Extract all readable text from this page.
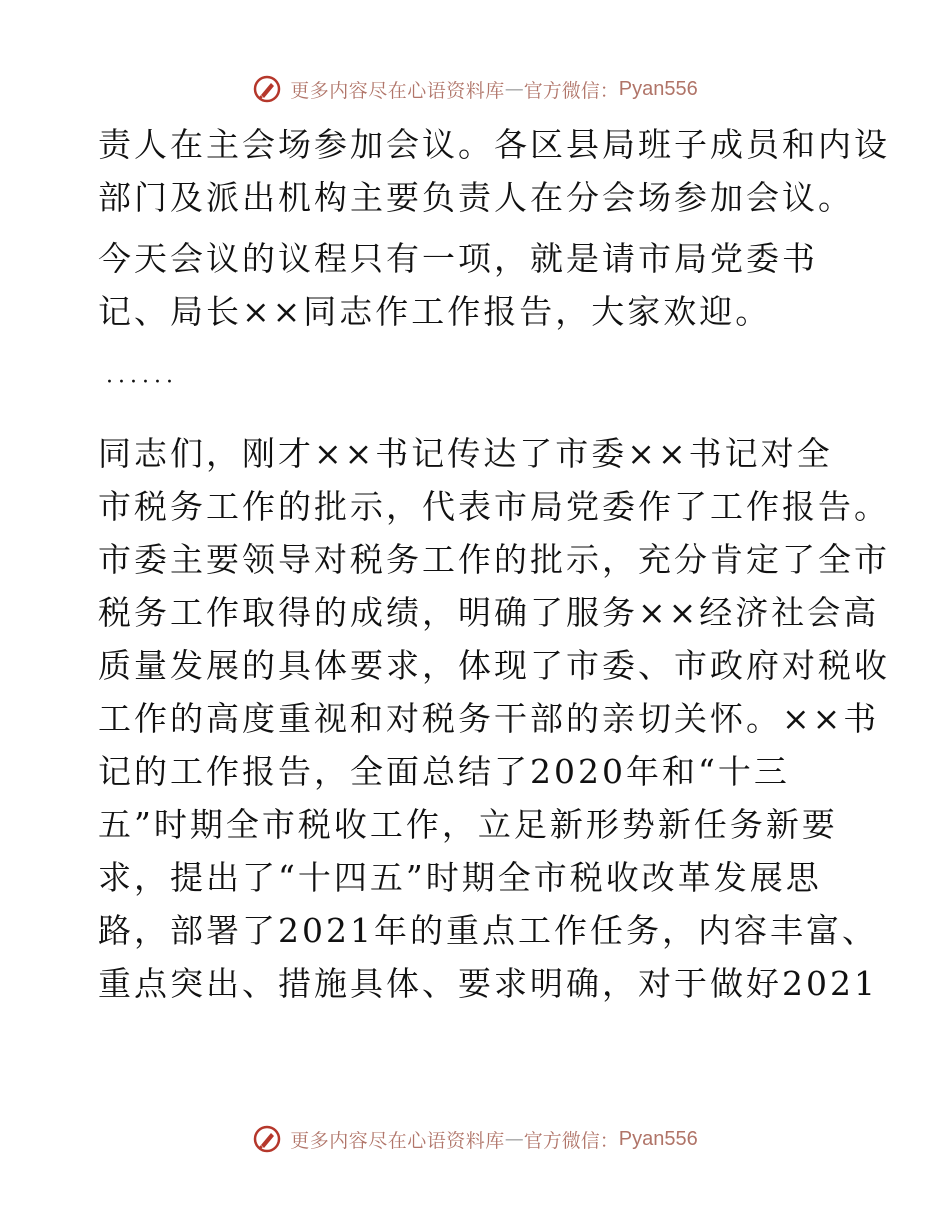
更多内容尽在心语资料库 — 官方微信： Pyan556
责人在主会场参加会议。各区县局班子成员和内设
部门及派出机构主要负责人在分会场参加会议。
今天会议的议程只有一项，就是请市局党委书
记、局长××同志作工作报告，大家欢迎。
······
同志们，刚才××书记传达了市委××书记对全
市税务工作的批示，代表市局党委作了工作报告。
市委主要领导对税务工作的批示，充分肯定了全市
税务工作取得的成绩，明确了服务××经济社会高
质量发展的具体要求，体现了市委、市政府对税收
工作的高度重视和对税务干部的亲切关怀。××书
记的工作报告，全面总结了2020年和“十三
五”时期全市税收工作，立足新形势新任务新要
求，提出了“十四五”时期全市税收改革发展思
路，部署了2021年的重点工作任务，内容丰富、
重点突出、措施具体、要求明确，对于做好2021
更多内容尽在心语资料库 — 官方微信： Pyan556
